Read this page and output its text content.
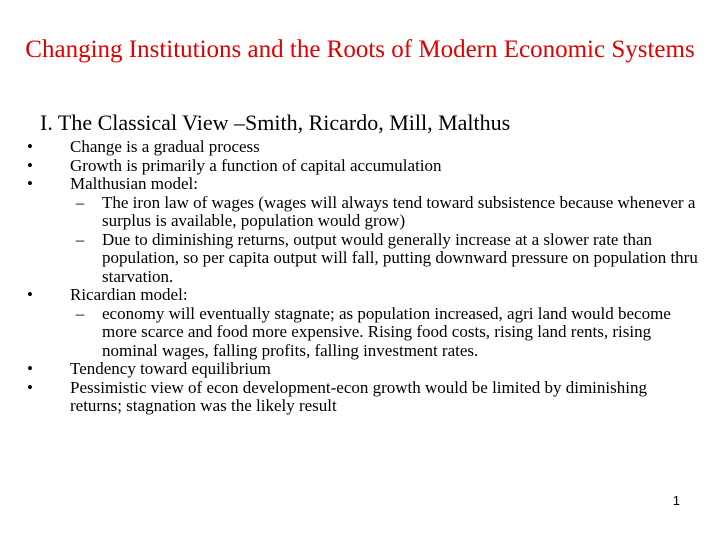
Changing Institutions and the Roots of Modern Economic Systems
I. The Classical View –Smith, Ricardo, Mill, Malthus
• Change is a gradual process
• Growth is primarily a function of capital accumulation
• Malthusian model:
–	The iron law of wages (wages will always tend toward subsistence because whenever a surplus is available, population would grow)
–	Due to diminishing returns, output would generally increase at a slower rate than population, so per capita output will fall, putting downward pressure on population thru starvation.
• Ricardian model:
–	economy will eventually stagnate; as population increased, agri land would become more scarce and food more expensive. Rising food costs, rising land rents, rising nominal wages, falling profits, falling investment rates.
• Tendency toward equilibrium
• Pessimistic view of econ development-econ growth would be limited by diminishing returns; stagnation was the likely result
1
